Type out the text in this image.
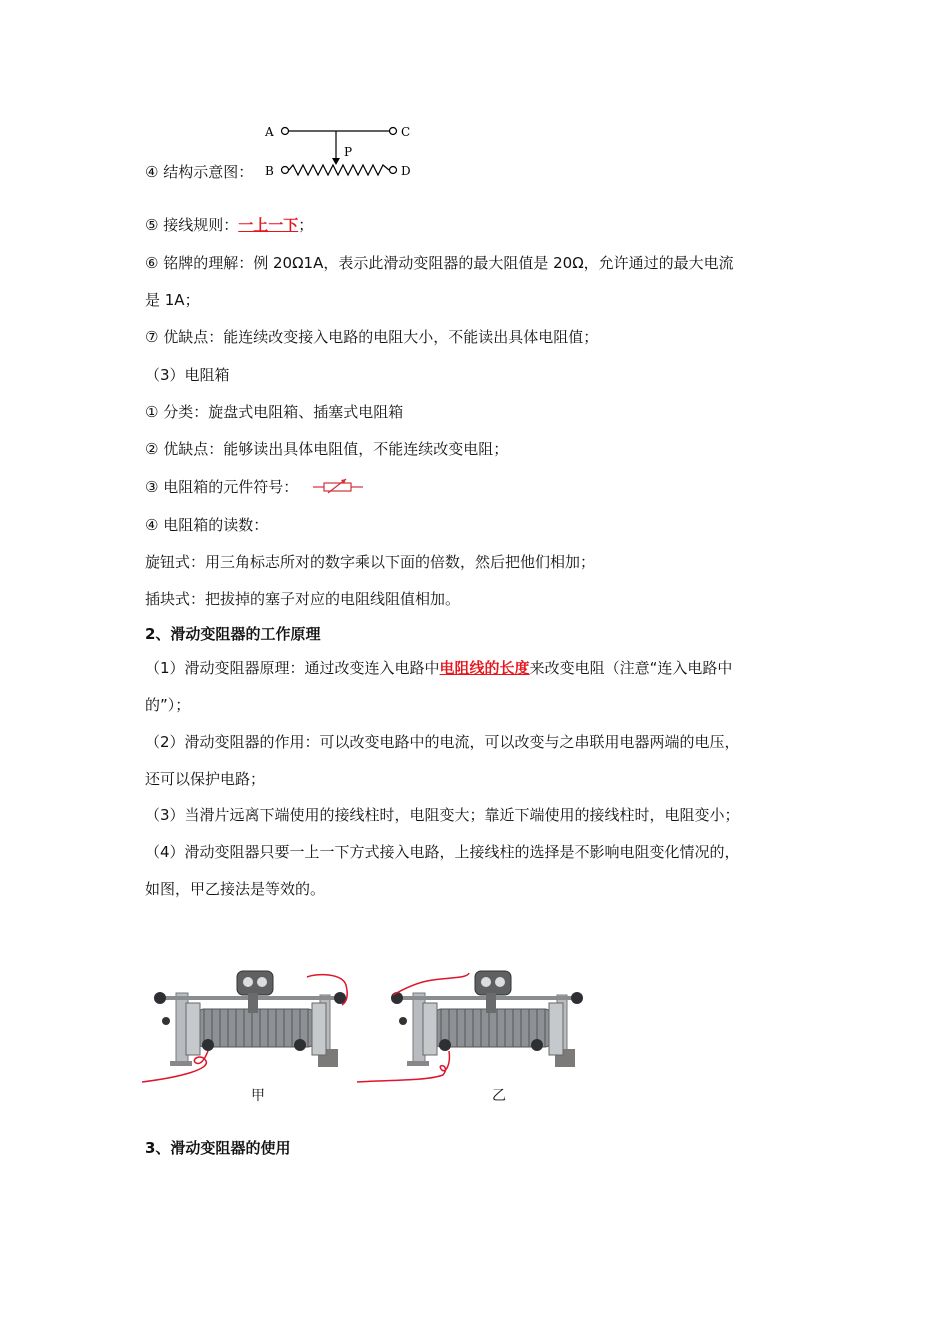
④ 结构示意图：
A	C
P
B	D
⑤ 接线规则：一上一下；
⑥ 铭牌的理解：例 20Ω1A，表示此滑动变阻器的最大阻值是 20Ω，允许通过的最大电流
是 1A；
⑦ 优缺点：能连续改变接入电路的电阻大小，不能读出具体电阻值；
（3）电阻箱
① 分类：旋盘式电阻箱、插塞式电阻箱
② 优缺点：能够读出具体电阻值，不能连续改变电阻；
③ 电阻箱的元件符号：
④ 电阻箱的读数：
旋钮式：用三角标志所对的数字乘以下面的倍数，然后把他们相加；
插块式：把拔掉的塞子对应的电阻线阻值相加。
2、滑动变阻器的工作原理
（1）滑动变阻器原理：通过改变连入电路中电阻线的长度来改变电阻（注意“连入电路中
的”）；
（2）滑动变阻器的作用：可以改变电路中的电流，可以改变与之串联用电器两端的电压，
还可以保护电路；
（3）当滑片远离下端使用的接线柱时，电阻变大；靠近下端使用的接线柱时，电阻变小；
（4）滑动变阻器只要一上一下方式接入电路，上接线柱的选择是不影响电阻变化情况的，
如图，甲乙接法是等效的。
甲	乙
3、滑动变阻器的使用
